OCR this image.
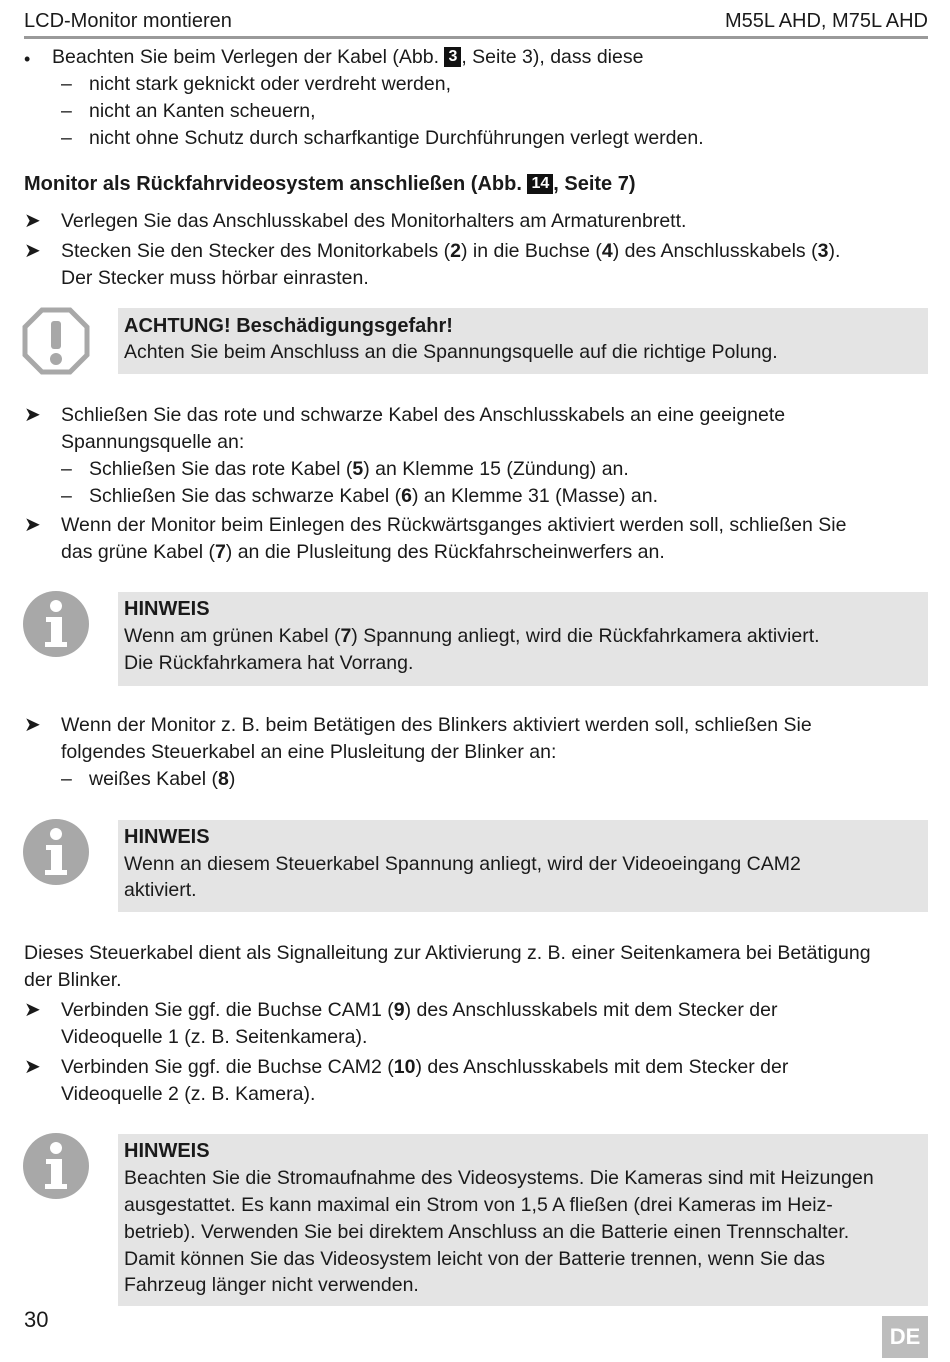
LCD-Monitor montieren	M55L AHD, M75L AHD
• Beachten Sie beim Verlegen der Kabel (Abb. 3 , Seite 3), dass diese
– nicht stark geknickt oder verdreht werden,
– nicht an Kanten scheuern,
– nicht ohne Schutz durch scharfkantige Durchführungen verlegt werden.
Monitor als Rückfahrvideosystem anschließen (Abb. 14 , Seite 7)
➤ Verlegen Sie das Anschlusskabel des Monitorhalters am Armaturenbrett.
➤ Stecken Sie den Stecker des Monitorkabels (2) in die Buchse (4) des Anschlusskabels (3).
Der Stecker muss hörbar einrasten.
ACHTUNG! Beschädigungsgefahr!
Achten Sie beim Anschluss an die Spannungsquelle auf die richtige Polung.
➤ Schließen Sie das rote und schwarze Kabel des Anschlusskabels an eine geeignete
Spannungsquelle an:
– Schließen Sie das rote Kabel (5) an Klemme 15 (Zündung) an.
– Schließen Sie das schwarze Kabel (6) an Klemme 31 (Masse) an.
➤ Wenn der Monitor beim Einlegen des Rückwärtsganges aktiviert werden soll, schließen Sie
das grüne Kabel (7) an die Plusleitung des Rückfahrscheinwerfers an.
HINWEIS
Wenn am grünen Kabel (7) Spannung anliegt, wird die Rückfahrkamera aktiviert.
Die Rückfahrkamera hat Vorrang.
➤ Wenn der Monitor z. B. beim Betätigen des Blinkers aktiviert werden soll, schließen Sie
folgendes Steuerkabel an eine Plusleitung der Blinker an:
– weißes Kabel (8)
HINWEIS
Wenn an diesem Steuerkabel Spannung anliegt, wird der Videoeingang CAM2
aktiviert.
Dieses Steuerkabel dient als Signalleitung zur Aktivierung z. B. einer Seitenkamera bei Betätigung
der Blinker.
➤ Verbinden Sie ggf. die Buchse CAM1 (9) des Anschlusskabels mit dem Stecker der
Videoquelle 1 (z. B. Seitenkamera).
➤ Verbinden Sie ggf. die Buchse CAM2 (10) des Anschlusskabels mit dem Stecker der
Videoquelle 2 (z. B. Kamera).
HINWEIS
Beachten Sie die Stromaufnahme des Videosystems. Die Kameras sind mit Heizungen
ausgestattet. Es kann maximal ein Strom von 1,5 A fließen (drei Kameras im Heiz-
betrieb). Verwenden Sie bei direktem Anschluss an die Batterie einen Trennschalter.
Damit können Sie das Videosystem leicht von der Batterie trennen, wenn Sie das
Fahrzeug länger nicht verwenden.
30
DE
